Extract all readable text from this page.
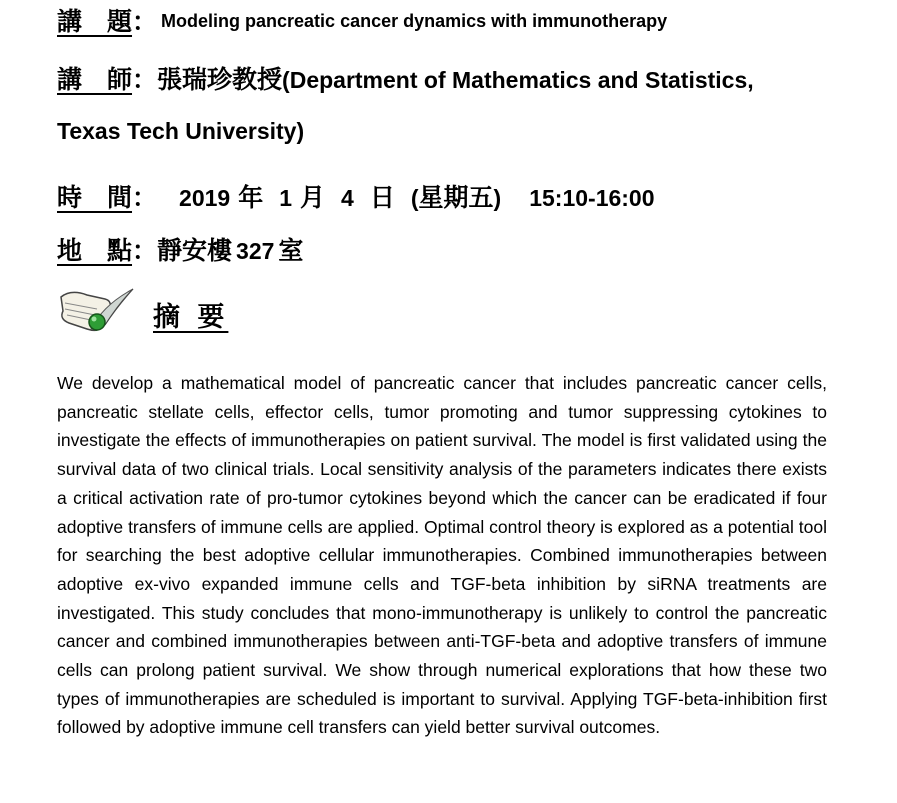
講　題： Modeling pancreatic cancer dynamics with immunotherapy
講　師：張瑞珍教授(Department of Mathematics and Statistics,
Texas Tech University)
時　間： 2019 年 1 月 4 日 (星期五) 15:10-16:00
地　點：靜安樓 327 室
摘 要
We develop a mathematical model of pancreatic cancer that includes pancreatic cancer cells, pancreatic stellate cells, effector cells, tumor promoting and tumor suppressing cytokines to investigate the effects of immunotherapies on patient survival. The model is first validated using the survival data of two clinical trials. Local sensitivity analysis of the parameters indicates there exists a critical activation rate of pro-tumor cytokines beyond which the cancer can be eradicated if four adoptive transfers of immune cells are applied. Optimal control theory is explored as a potential tool for searching the best adoptive cellular immunotherapies. Combined immunotherapies between adoptive ex-vivo expanded immune cells and TGF-beta inhibition by siRNA treatments are investigated. This study concludes that mono-immunotherapy is unlikely to control the pancreatic cancer and combined immunotherapies between anti-TGF-beta and adoptive transfers of immune cells can prolong patient survival. We show through numerical explorations that how these two types of immunotherapies are scheduled is important to survival. Applying TGF-beta-inhibition first followed by adoptive immune cell transfers can yield better survival outcomes.
